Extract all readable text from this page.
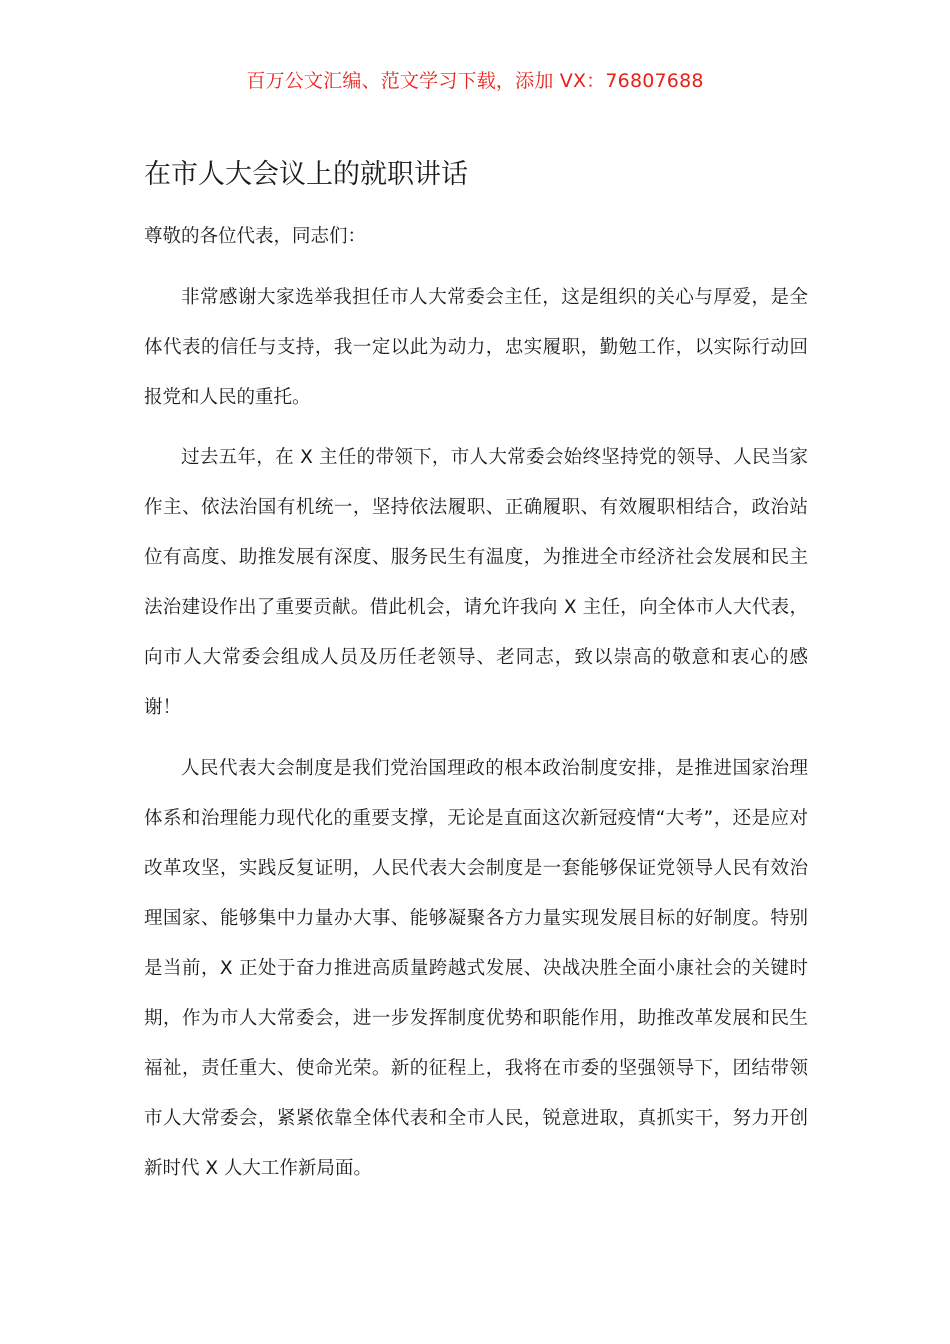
百万公文汇编、范文学习下载，添加 VX：76807688
在市人大会议上的就职讲话

尊敬的各位代表，同志们：

非常感谢大家选举我担任市人大常委会主任，这是组织的关心与厚爱，是全体代表的信任与支持，我一定以此为动力，忠实履职，勤勉工作，以实际行动回报党和人民的重托。

过去五年，在 X 主任的带领下，市人大常委会始终坚持党的领导、人民当家作主、依法治国有机统一，坚持依法履职、正确履职、有效履职相结合，政治站位有高度、助推发展有深度、服务民生有温度，为推进全市经济社会发展和民主法治建设作出了重要贡献。借此机会，请允许我向 X 主任，向全体市人大代表，向市人大常委会组成人员及历任老领导、老同志，致以崇高的敬意和衷心的感谢！

人民代表大会制度是我们党治国理政的根本政治制度安排，是推进国家治理体系和治理能力现代化的重要支撑，无论是直面这次新冠疫情“大考”，还是应对改革攻坚，实践反复证明，人民代表大会制度是一套能够保证党领导人民有效治理国家、能够集中力量办大事、能够凝聚各方力量实现发展目标的好制度。特别是当前，X 正处于奋力推进高质量跨越式发展、决战决胜全面小康社会的关键时期，作为市人大常委会，进一步发挥制度优势和职能作用，助推改革发展和民生福祉，责任重大、使命光荣。新的征程上，我将在市委的坚强领导下，团结带领市人大常委会，紧紧依靠全体代表和全市人民，锐意进取，真抓实干，努力开创新时代 X 人大工作新局面。
